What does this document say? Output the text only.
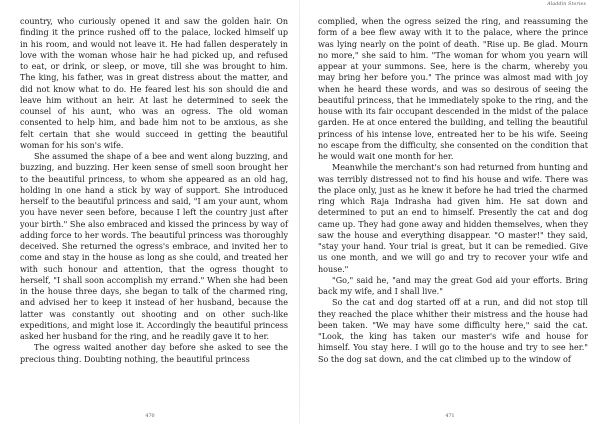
country, who curiously opened it and saw the golden hair. On finding it the prince rushed off to the palace, locked himself up in his room, and would not leave it. He had fallen desperately in love with the woman whose hair he had picked up, and refused to eat, or drink, or sleep, or move, till she was brought to him. The king, his father, was in great distress about the matter, and did not know what to do. He feared lest his son should die and leave him without an heir. At last he determined to seek the counsel of his aunt, who was an ogress. The old woman consented to help him, and bade him not to be anxious, as she felt certain that she would succeed in getting the beautiful woman for his son's wife.

She assumed the shape of a bee and went along buzzing, and buzzing, and buzzing. Her keen sense of smell soon brought her to the beautiful princess, to whom she appeared as an old hag, holding in one hand a stick by way of support. She introduced herself to the beautiful princess and said, "I am your aunt, whom you have never seen before, because I left the country just after your birth." She also embraced and kissed the princess by way of adding force to her words. The beautiful princess was thoroughly deceived. She returned the ogress's embrace, and invited her to come and stay in the house as long as she could, and treated her with such honour and attention, that the ogress thought to herself, "I shall soon accomplish my errand." When she had been in the house three days, she began to talk of the charmed ring, and advised her to keep it instead of her husband, because the latter was constantly out shooting and on other such-like expeditions, and might lose it. Accordingly the beautiful princess asked her husband for the ring, and he readily gave it to her.

The ogress waited another day before she asked to see the precious thing. Doubting nothing, the beautiful princess

470
Aladdin Stories

complied, when the ogress seized the ring, and reassuming the form of a bee flew away with it to the palace, where the prince was lying nearly on the point of death. "Rise up. Be glad. Mourn no more," she said to him. "The woman for whom you yearn will appear at your summons. See, here is the charm, whereby you may bring her before you." The prince was almost mad with joy when he heard these words, and was so desirous of seeing the beautiful princess, that he immediately spoke to the ring, and the house with its fair occupant descended in the midst of the palace garden. He at once entered the building, and telling the beautiful princess of his intense love, entreated her to be his wife. Seeing no escape from the difficulty, she consented on the condition that he would wait one month for her.

Meanwhile the merchant's son had returned from hunting and was terribly distressed not to find his house and wife. There was the place only, just as he knew it before he had tried the charmed ring which Raja Indrasha had given him. He sat down and determined to put an end to himself. Presently the cat and dog came up. They had gone away and hidden themselves, when they saw the house and everything disappear. "O master!" they said, "stay your hand. Your trial is great, but it can be remedied. Give us one month, and we will go and try to recover your wife and house."

"Go," said he, "and may the great God aid your efforts. Bring back my wife, and I shall live."

So the cat and dog started off at a run, and did not stop till they reached the place whither their mistress and the house had been taken. "We may have some difficulty here," said the cat. "Look, the king has taken our master's wife and house for himself. You stay here. I will go to the house and try to see her." So the dog sat down, and the cat climbed up to the window of

471
